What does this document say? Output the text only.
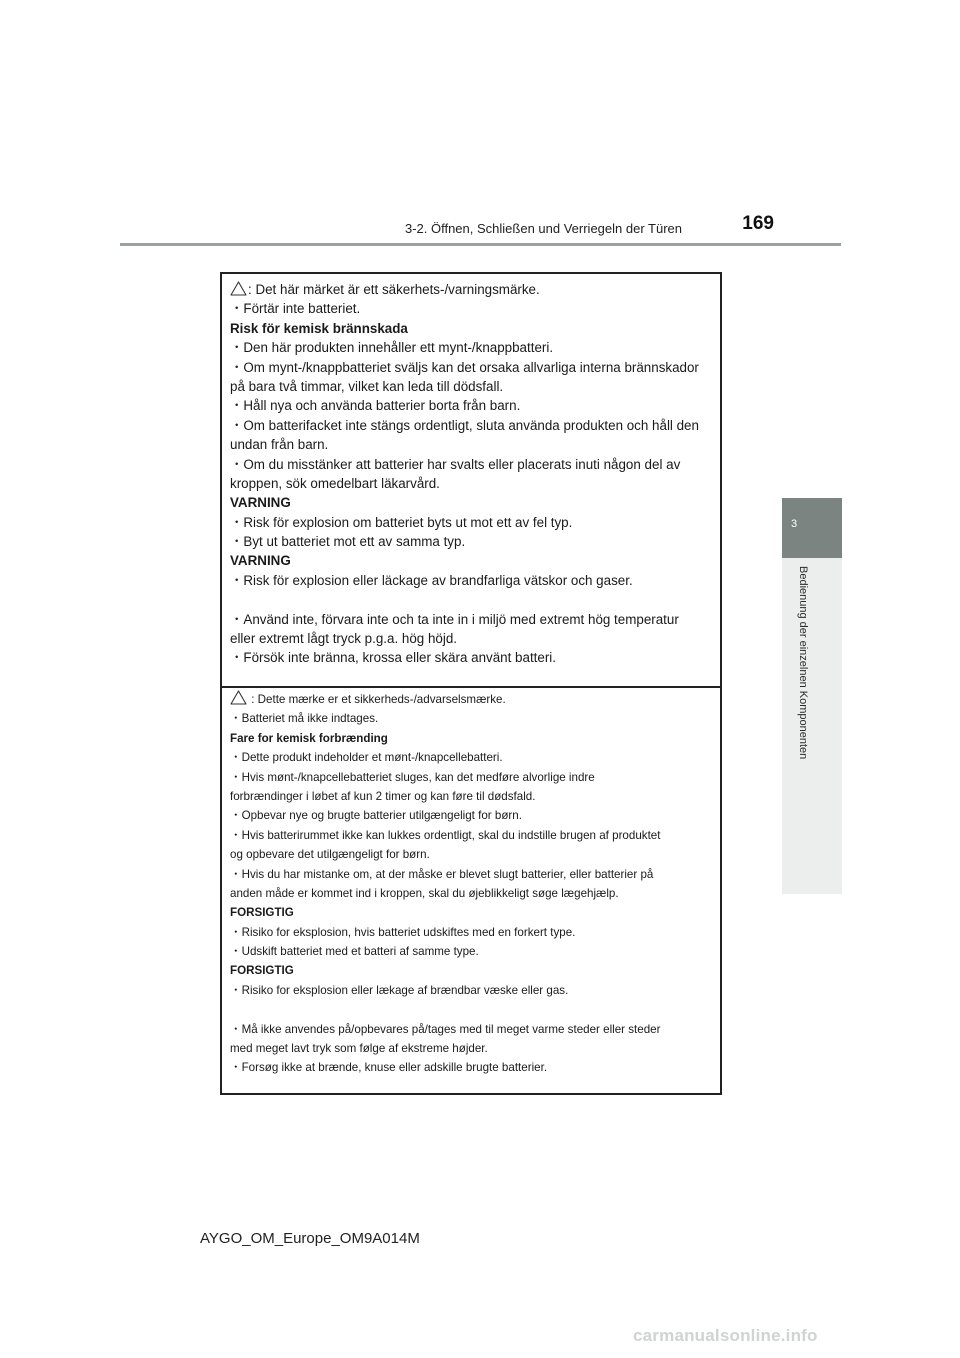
3-2. Öffnen, Schließen und Verriegeln der Türen	169
3
Bedienung der einzelnen Komponenten
: Det här märket är ett säkerhets-/varningsmärke.
・Förtär inte batteriet.
Risk för kemisk brännskada
・Den här produkten innehåller ett mynt-/knappbatteri.
・Om mynt-/knappbatteriet sväljs kan det orsaka allvarliga interna brännskador
på bara två timmar, vilket kan leda till dödsfall.
・Håll nya och använda batterier borta från barn.
・Om batterifacket inte stängs ordentligt, sluta använda produkten och håll den
undan från barn.
・Om du misstänker att batterier har svalts eller placerats inuti någon del av
kroppen, sök omedelbart läkarvård.
VARNING
・Risk för explosion om batteriet byts ut mot ett av fel typ.
・Byt ut batteriet mot ett av samma typ.
VARNING
・Risk för explosion eller läckage av brandfarliga vätskor och gaser.
・Använd inte, förvara inte och ta inte in i miljö med extremt hög temperatur
eller extremt lågt tryck p.g.a. hög höjd.
・Försök inte bränna, krossa eller skära använt batteri.
: Dette mærke er et sikkerheds-/advarselsmærke.
・Batteriet må ikke indtages.
Fare for kemisk forbrænding
・Dette produkt indeholder et mønt-/knapcellebatteri.
・Hvis mønt-/knapcellebatteriet sluges, kan det medføre alvorlige indre
forbrændinger i løbet af kun 2 timer og kan føre til dødsfald.
・Opbevar nye og brugte batterier utilgængeligt for børn.
・Hvis batterirummet ikke kan lukkes ordentligt, skal du indstille brugen af produktet
og opbevare det utilgængeligt for børn.
・Hvis du har mistanke om, at der måske er blevet slugt batterier, eller batterier på
anden måde er kommet ind i kroppen, skal du øjeblikkeligt søge lægehjælp.
FORSIGTIG
・Risiko for eksplosion, hvis batteriet udskiftes med en forkert type.
・Udskift batteriet med et batteri af samme type.
FORSIGTIG
・Risiko for eksplosion eller lækage af brændbar væske eller gas.
・Må ikke anvendes på/opbevares på/tages med til meget varme steder eller steder
med meget lavt tryk som følge af ekstreme højder.
・Forsøg ikke at brænde, knuse eller adskille brugte batterier.
AYGO_OM_Europe_OM9A014M
carmanualsonline.info
